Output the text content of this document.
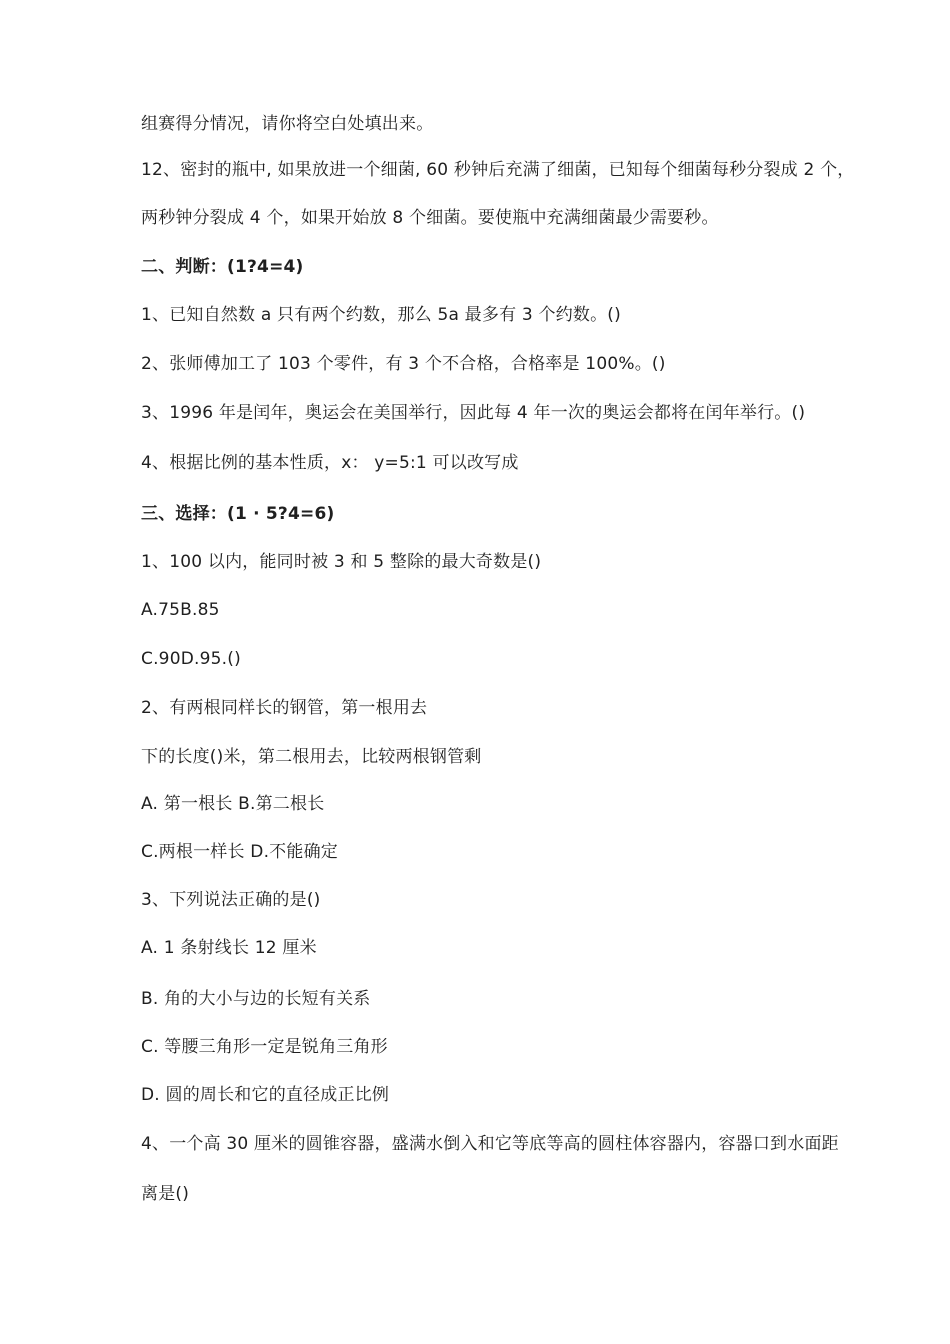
组赛得分情况，请你将空白处填出来。
12、密封的瓶中, 如果放进一个细菌, 60 秒钟后充满了细菌，已知每个细菌每秒分裂成 2 个，
两秒钟分裂成 4 个，如果开始放 8 个细菌。要使瓶中充满细菌最少需要秒。
二、判断：(1?4=4)
1、已知自然数 a 只有两个约数，那么 5a 最多有 3 个约数。()
2、张师傅加工了 103 个零件，有 3 个不合格，合格率是 100%。()
3、1996 年是闰年，奥运会在美国举行，因此每 4 年一次的奥运会都将在闰年举行。()
4、根据比例的基本性质，x： y=5:1 可以改写成
三、选择：(1 · 5?4=6)
1、100 以内，能同时被 3 和 5 整除的最大奇数是()
A.75B.85
C.90D.95.()
2、有两根同样长的钢管，第一根用去
下的长度()米，第二根用去，比较两根钢管剩
A. 第一根长 B.第二根长
C.两根一样长 D.不能确定
3、下列说法正确的是()
A. 1 条射线长 12 厘米
B. 角的大小与边的长短有关系
C. 等腰三角形一定是锐角三角形
D. 圆的周长和它的直径成正比例
4、一个高 30 厘米的圆锥容器，盛满水倒入和它等底等高的圆柱体容器内，容器口到水面距
离是()
